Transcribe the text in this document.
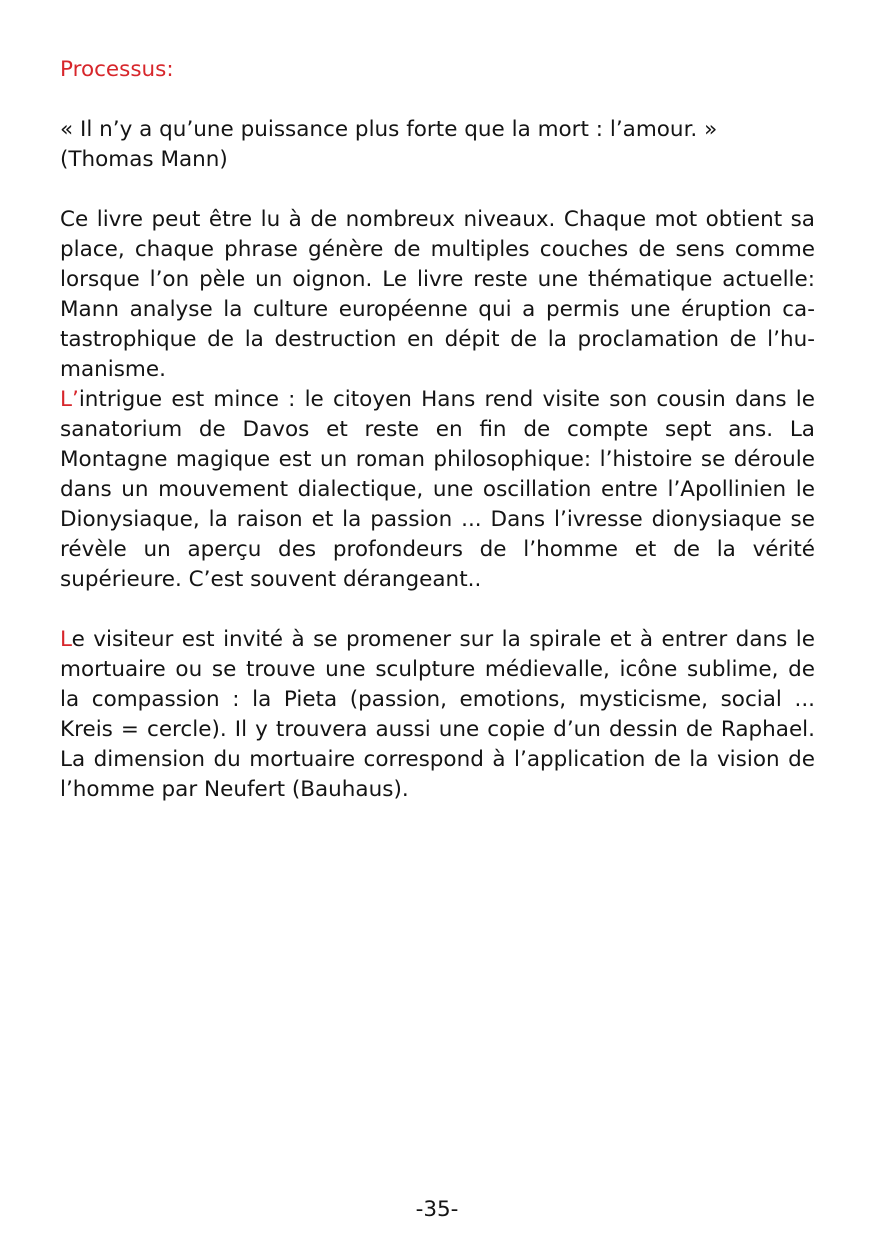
Processus:

« Il n’y a qu’une puissance plus forte que la mort : l’amour. »
(Thomas Mann)

Ce livre peut être lu à de nombreux niveaux. Chaque mot obtient sa place, chaque phrase génère de multiples couches de sens comme lorsque l’on pèle un oignon. Le livre reste une thématique actuelle: Mann analyse la culture européenne qui a permis une éruption catastrophique de la destruction en dépit de la proclamation de l’humanisme.

L’intrigue est mince : le citoyen Hans rend visite son cousin dans le sanatorium de Davos et reste en fin de compte sept ans. La Montagne magique est un roman philosophique: l’histoire se déroule dans un mouvement dialectique, une oscillation entre l’Apollinien le Dionysiaque, la raison et la passion ... Dans l’ivresse dionysiaque se révèle un aperçu des profondeurs de l’homme et de la vérité supérieure. C’est souvent dérangeant..

Le visiteur est invité à se promener sur la spirale et à entrer dans le mortuaire ou se trouve une sculpture médievalle, icône sublime, de la compassion : la Pieta (passion, emotions, mysticisme, social ... Kreis = cercle). Il y trouvera aussi une copie d’un dessin de Raphael. La dimension du mortuaire correspond à l’application de la vision de l’homme par Neufert (Bauhaus).

-35-
